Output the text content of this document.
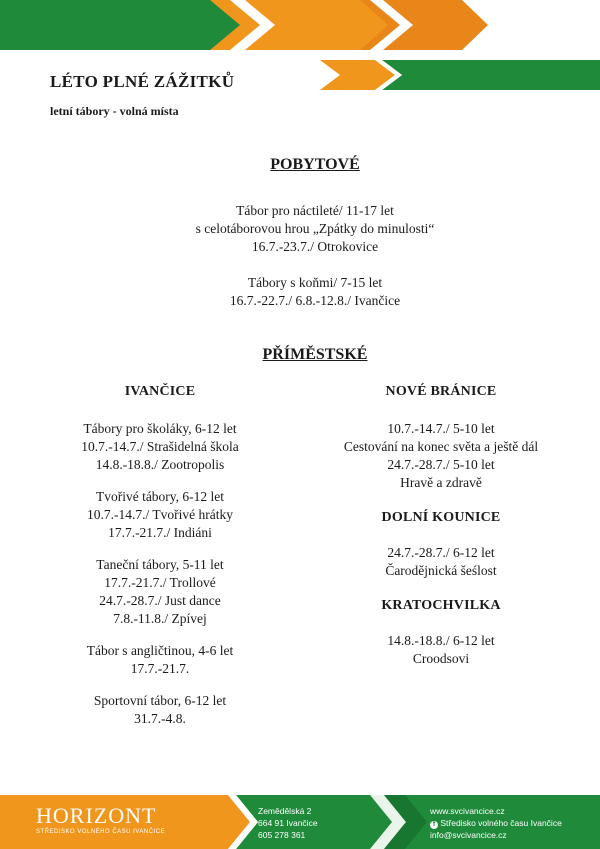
LÉTO PLNÉ ZÁŽITKŮ
letní tábory - volná místa
POBYTOVÉ
Tábor pro náctileté/ 11-17 let
s celotáborovou hrou „Zpátky do minulosti“
16.7.-23.7./ Otrokovice
Tábory s koňmi/ 7-15 let
16.7.-22.7./ 6.8.-12.8./ Ivančice
PŘÍMĚSTSKÉ
IVANČICE
Tábory pro školáky, 6-12 let
10.7.-14.7./ Strašidelná škola
14.8.-18.8./ Zootropolis
Tvořivé tábory, 6-12 let
10.7.-14.7./ Tvořivé hrátky
17.7.-21.7./ Indiáni
Taneční tábory, 5-11 let
17.7.-21.7./ Trollové
24.7.-28.7./ Just dance
7.8.-11.8./ Zpívej
Tábor s angličtinou, 4-6 let
17.7.-21.7.
Sportovní tábor, 6-12 let
31.7.-4.8.
NOVÉ BRÁNICE
10.7.-14.7./ 5-10 let
Cestování na konec světa a ještě dál
24.7.-28.7./ 5-10 let
Hravě a zdravě
DOLNÍ KOUNICE
24.7.-28.7./ 6-12 let
Čarodějnická šeślost
KRATOCHVILKA
14.8.-18.8./ 6-12 let
Croodsovi
HORIZONT
STŘEDISKO VOLNÉHO ČASU IVANČICE
Zemědělská 2
664 91 Ivančice
605 278 361
www.svcivancice.cz
f Středisko volného času Ivančice
info@svcivancice.cz
